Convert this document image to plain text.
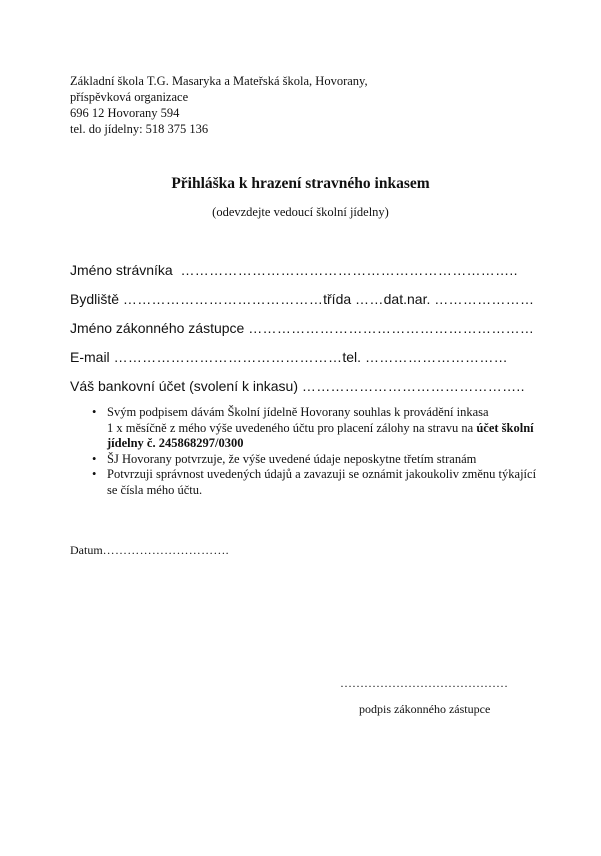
Základní škola T.G. Masaryka a Mateřská škola, Hovorany,
příspěvková organizace
696 12 Hovorany 594
tel. do jídelny: 518 375 136
Přihláška k hrazení stravného inkasem
(odevzdejte vedoucí školní jídelny)
Jméno strávníka ……………………………………………………………..
Bydliště ……………………………………třída ……dat.nar. …………………
Jméno zákonného zástupce ……………………………………………………
E-mail …………………………………………tel. …………………………
Váš bankovní účet (svolení k inkasu) ………………………………………..
• Svým podpisem dávám Školní jídelně Hovorany souhlas k provádění inkasa
1 x měsíčně z mého výše uvedeného účtu pro placení zálohy na stravu na účet školní
jídelny č. 245868297/0300
• ŠJ Hovorany potvrzuje, že výše uvedené údaje neposkytne třetím stranám
• Potvrzuji správnost uvedených údajů a zavazuji se oznámit jakoukoliv změnu týkající
se čísla mého účtu.
Datum………………………….
……………………………………
podpis zákonného zástupce
